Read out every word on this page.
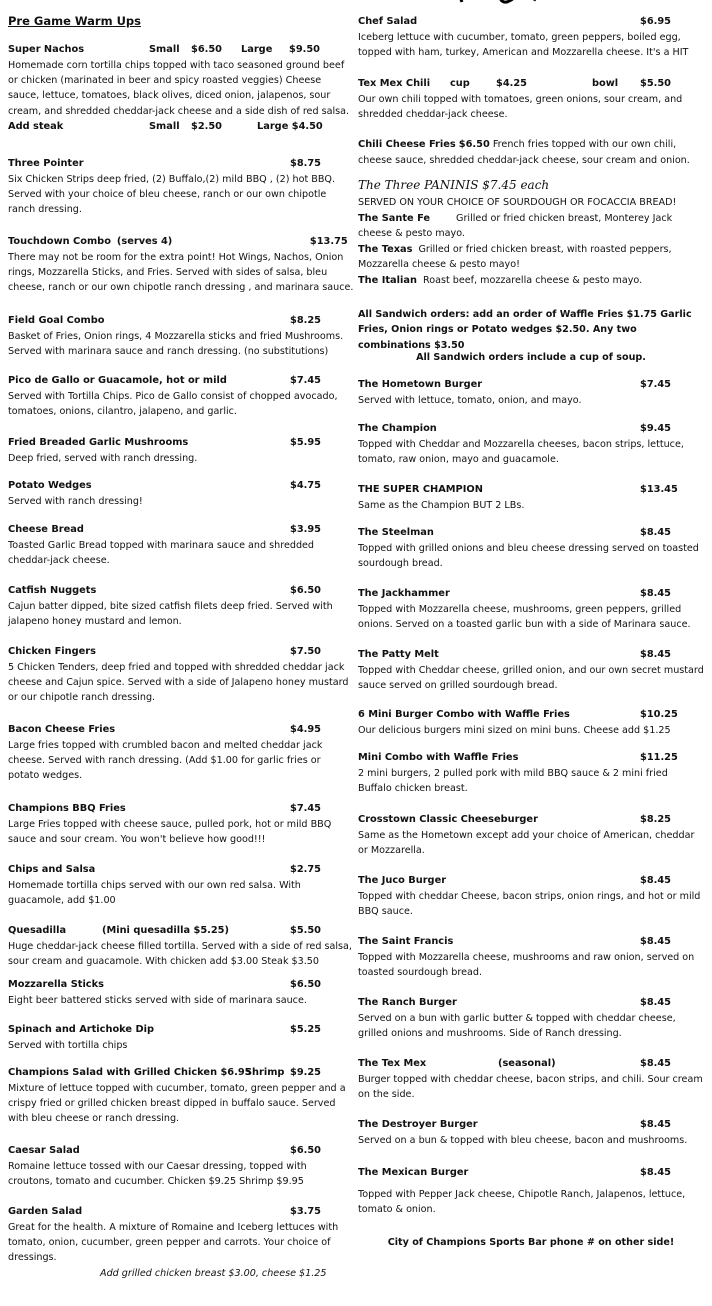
Pre Game Warm Ups
Super Nachos	Small	$6.50	Large	$9.50
Homemade corn tortilla chips topped with taco seasoned ground beef or chicken (marinated in beer and spicy roasted veggies) Cheese sauce, lettuce, tomatoes, black olives, diced onion, jalapenos, sour cream, and shredded cheddar-jack cheese and a side dish of red salsa.
Add steak	Small	$2.50	Large $4.50
Three Pointer	$8.75
Six Chicken Strips deep fried, (2) Buffalo,(2) mild BBQ , (2) hot BBQ. Served with your choice of bleu cheese, ranch or our own chipotle ranch dressing.
Touchdown Combo (serves 4)	$13.75
There may not be room for the extra point! Hot Wings, Nachos, Onion rings, Mozzarella Sticks, and Fries. Served with sides of salsa, bleu cheese, ranch or our own chipotle ranch dressing , and marinara sauce.
Field Goal Combo	$8.25
Basket of Fries, Onion rings, 4 Mozzarella sticks and fried Mushrooms. Served with marinara sauce and ranch dressing. (no substitutions)
Pico de Gallo or Guacamole, hot or mild	$7.45
Served with Tortilla Chips. Pico de Gallo consist of chopped avocado, tomatoes, onions, cilantro, jalapeno, and garlic.
Fried Breaded Garlic Mushrooms	$5.95
Deep fried, served with ranch dressing.
Potato Wedges	$4.75
Served with ranch dressing!
Cheese Bread	$3.95
Toasted Garlic Bread topped with marinara sauce and shredded cheddar-jack cheese.
Catfish Nuggets	$6.50
Cajun batter dipped, bite sized catfish filets deep fried. Served with jalapeno honey mustard and lemon.
Chicken Fingers	$7.50
5 Chicken Tenders, deep fried and topped with shredded cheddar jack cheese and Cajun spice. Served with a side of Jalapeno honey mustard or our chipotle ranch dressing.
Bacon Cheese Fries	$4.95
Large fries topped with crumbled bacon and melted cheddar jack cheese. Served with ranch dressing. (Add $1.00 for garlic fries or potato wedges.
Champions BBQ Fries	$7.45
Large Fries topped with cheese sauce, pulled pork, hot or mild BBQ sauce and sour cream. You won't believe how good!!!
Chips and Salsa	$2.75
Homemade tortilla chips served with our own red salsa. With guacamole, add $1.00
Quesadilla	(Mini quesadilla $5.25)	$5.50
Huge cheddar-jack cheese filled tortilla. Served with a side of red salsa, sour cream and guacamole. With chicken add $3.00 Steak $3.50
Mozzarella Sticks	$6.50
Eight beer battered sticks served with side of marinara sauce.
Spinach and Artichoke Dip	$5.25
Served with tortilla chips
Champions Salad with Grilled Chicken $6.95
Shrimp $9.25
Mixture of lettuce topped with cucumber, tomato, green pepper and a crispy fried or grilled chicken breast dipped in buffalo sauce. Served with bleu cheese or ranch dressing.
Caesar Salad	$6.50
Romaine lettuce tossed with our Caesar dressing, topped with croutons, tomato and cucumber. Chicken $9.25 Shrimp $9.95
Garden Salad	$3.75
Great for the health. A mixture of Romaine and Iceberg lettuces with tomato, onion, cucumber, green pepper and carrots. Your choice of dressings.
Add grilled chicken breast $3.00, cheese $1.25
Chef Salad	$6.95
Iceberg lettuce with cucumber, tomato, green peppers, boiled egg, topped with ham, turkey, American and Mozzarella cheese. It's a HIT
Tex Mex Chili	cup	$4.25	bowl	$5.50
Our own chili topped with tomatoes, green onions, sour cream, and shredded cheddar-jack cheese.
Chili Cheese Fries $6.50 French fries topped with our own chili, cheese sauce, shredded cheddar-jack cheese, sour cream and onion.
The Three PANINIS $7.45 each
SERVED ON YOUR CHOICE OF SOURDOUGH OR FOCACCIA BREAD!
The Sante Fe	Grilled or fried chicken breast, Monterey Jack cheese & pesto mayo.
The Texas Grilled or fried chicken breast, with roasted peppers, Mozzarella cheese & pesto mayo!
The Italian Roast beef, mozzarella cheese & pesto mayo.
All Sandwich orders: add an order of Waffle Fries $1.75 Garlic Fries, Onion rings or Potato wedges $2.50. Any two combinations $3.50
All Sandwich orders include a cup of soup.
The Hometown Burger	$7.45
Served with lettuce, tomato, onion, and mayo.
The Champion	$9.45
Topped with Cheddar and Mozzarella cheeses, bacon strips, lettuce, tomato, raw onion, mayo and guacamole.
THE SUPER CHAMPION	$13.45
Same as the Champion BUT 2 LBs.
The Steelman	$8.45
Topped with grilled onions and bleu cheese dressing served on toasted sourdough bread.
The Jackhammer	$8.45
Topped with Mozzarella cheese, mushrooms, green peppers, grilled onions. Served on a toasted garlic bun with a side of Marinara sauce.
The Patty Melt	$8.45
Topped with Cheddar cheese, grilled onion, and our own secret mustard sauce served on grilled sourdough bread.
6 Mini Burger Combo with Waffle Fries	$10.25
Our delicious burgers mini sized on mini buns. Cheese add $1.25
Mini Combo with Waffle Fries	$11.25
2 mini burgers, 2 pulled pork with mild BBQ sauce & 2 mini fried Buffalo chicken breast.
Crosstown Classic Cheeseburger	$8.25
Same as the Hometown except add your choice of American, cheddar or Mozzarella.
The Juco Burger	$8.45
Topped with cheddar Cheese, bacon strips, onion rings, and hot or mild BBQ sauce.
The Saint Francis	$8.45
Topped with Mozzarella cheese, mushrooms and raw onion, served on toasted sourdough bread.
The Ranch Burger	$8.45
Served on a bun with garlic butter & topped with cheddar cheese, grilled onions and mushrooms. Side of Ranch dressing.
The Tex Mex	(seasonal)	$8.45
Burger topped with cheddar cheese, bacon strips, and chili. Sour cream on the side.
The Destroyer Burger	$8.45
Served on a bun & topped with bleu cheese, bacon and mushrooms.
The Mexican Burger	$8.45
Topped with Pepper Jack cheese, Chipotle Ranch, Jalapenos, lettuce, tomato & onion.
City of Champions Sports Bar phone # on other side!
